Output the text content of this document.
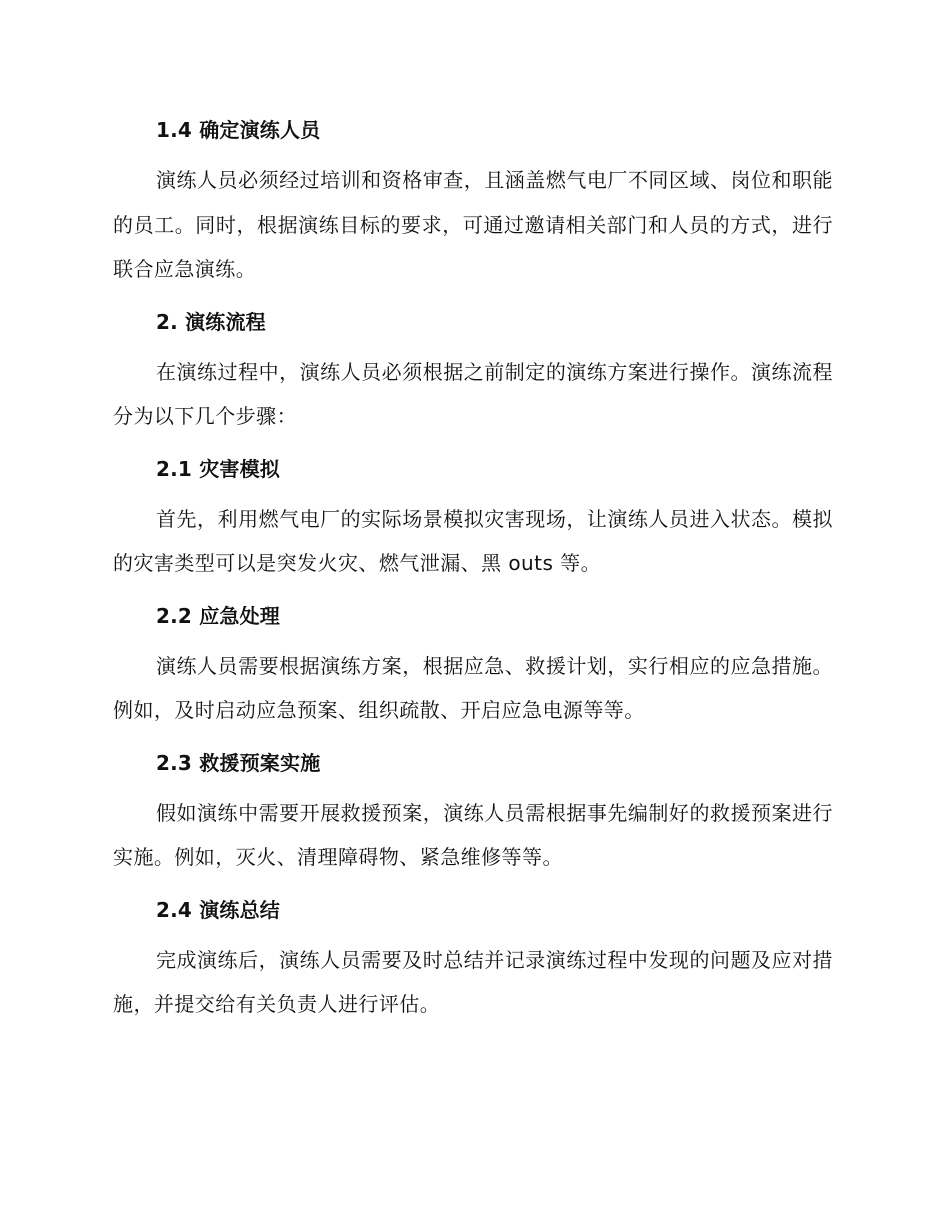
1.4 确定演练人员

演练人员必须经过培训和资格审查，且涵盖燃气电厂不同区域、岗位和职能的员工。同时，根据演练目标的要求，可通过邀请相关部门和人员的方式，进行联合应急演练。

2. 演练流程

在演练过程中，演练人员必须根据之前制定的演练方案进行操作。演练流程分为以下几个步骤：

2.1 灾害模拟

首先，利用燃气电厂的实际场景模拟灾害现场，让演练人员进入状态。模拟的灾害类型可以是突发火灾、燃气泄漏、黑 outs 等。

2.2 应急处理

演练人员需要根据演练方案，根据应急、救援计划，实行相应的应急措施。例如，及时启动应急预案、组织疏散、开启应急电源等等。

2.3 救援预案实施

假如演练中需要开展救援预案，演练人员需根据事先编制好的救援预案进行实施。例如，灭火、清理障碍物、紧急维修等等。

2.4 演练总结

完成演练后，演练人员需要及时总结并记录演练过程中发现的问题及应对措施，并提交给有关负责人进行评估。
